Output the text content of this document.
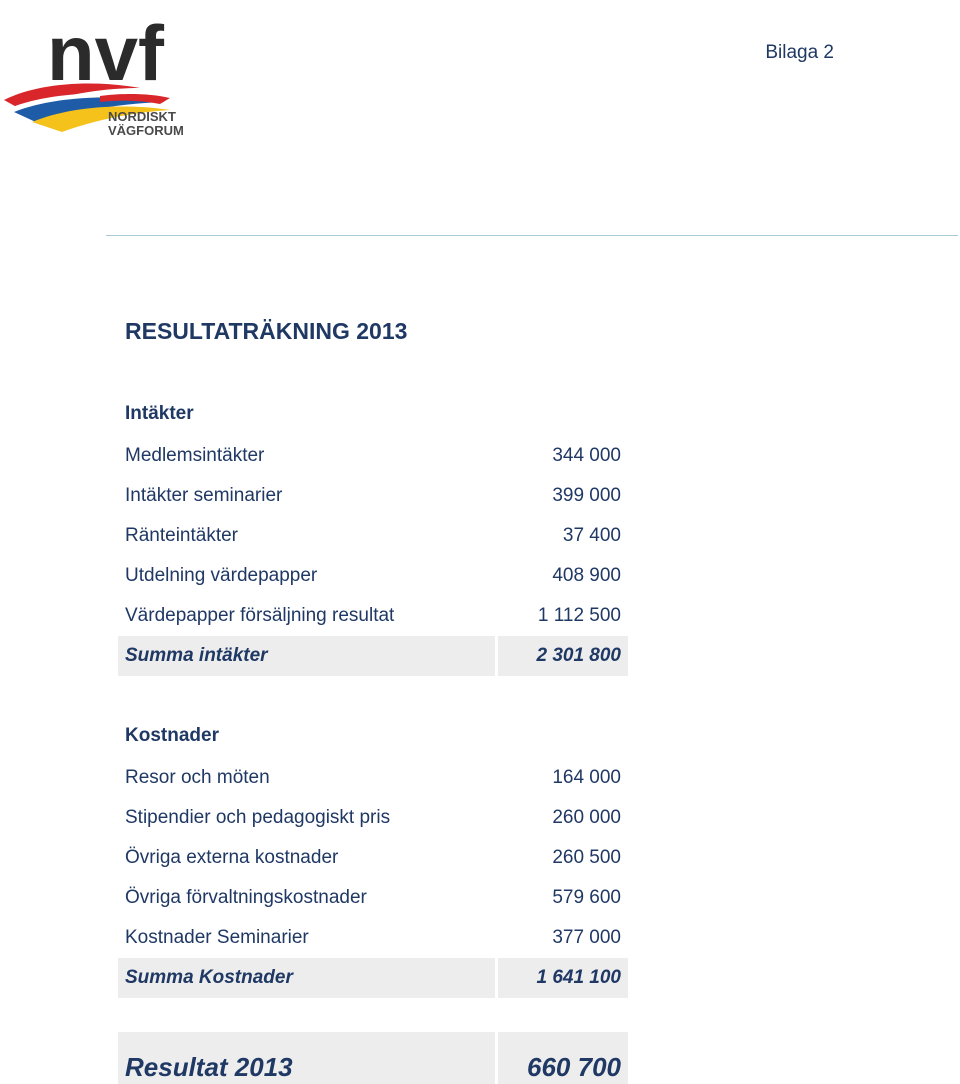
nvf
NORDISKT
VÄGFORUM
Bilaga 2
RESULTATRÄKNING 2013
Intäkter
Medlemsintäkter	344 000
Intäkter seminarier	399 000
Ränteintäkter	37 400
Utdelning värdepapper	408 900
Värdepapper försäljning resultat	1 112 500
Summa intäkter	2 301 800
Kostnader
Resor och möten	164 000
Stipendier och pedagogiskt pris	260 000
Övriga externa kostnader	260 500
Övriga förvaltningskostnader	579 600
Kostnader Seminarier	377 000
Summa Kostnader	1 641 100
Resultat 2013	660 700
